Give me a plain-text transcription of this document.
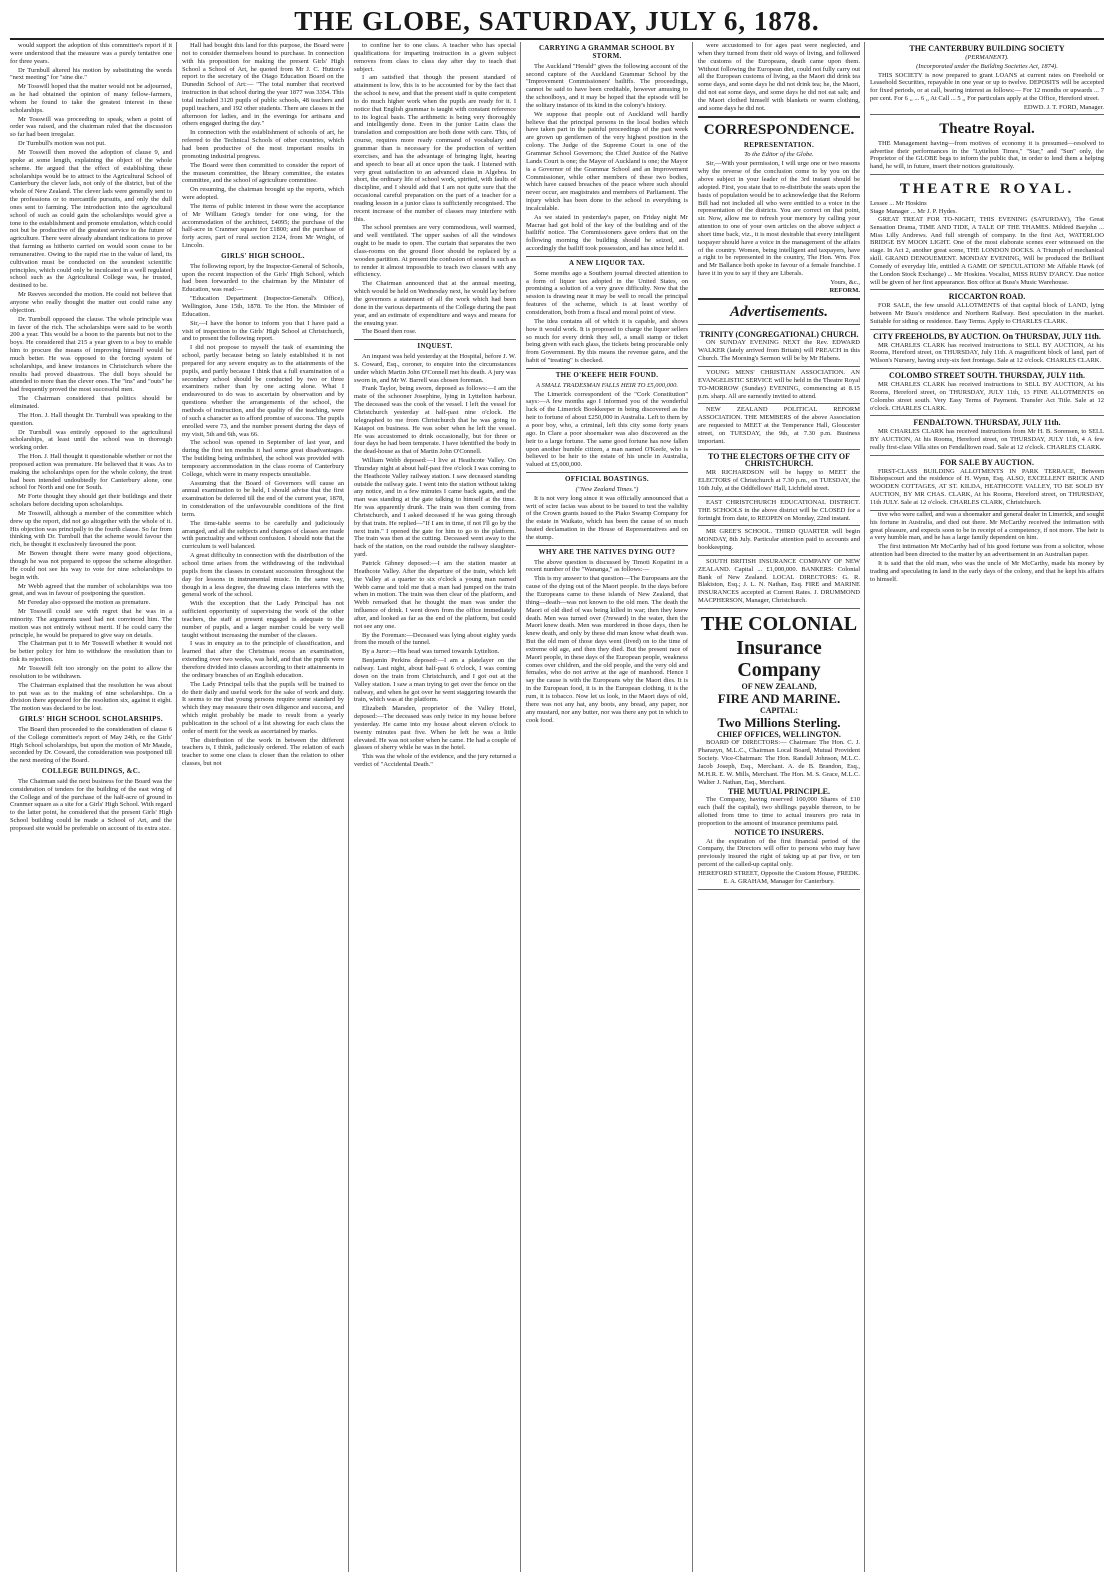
THE GLOBE, SATURDAY, JULY 6, 1878.

would support the adoption of this committee's report if it were understood that the measure was a purely tentative one for three years.

Dr Turnbull altered his motion by substituting the words "next meeting" for "sine die."

Mr Tosswill hoped that the matter would not be adjourned, as he had obtained the opinion of many fellow-farmers, whom he found to take the greatest interest in these scholarships.

Mr Tosswill was proceeding to speak, when a point of order was raised, and the chairman ruled that the discussion so far had been irregular.

Dr Turnbull's motion was not put.

Mr Tosswill then moved the adoption of clause 9, and spoke at some length, explaining the object of the whole scheme. He argued that the effect of establishing these scholarships would be to attract to the Agricultural School of Canterbury the clever lads, not only of the district, but of the whole of New Zealand. The clever lads were generally sent to the professions or to mercantile pursuits, and only the dull ones sent to farming. The introduction into the agricultural school of such as could gain the scholarships would give a tone to the establishment and promote emulation, which could not but be productive of the greatest service to the future of agriculture. There were already abundant indications to prove that farming as hitherto carried on would soon cease to be remunerative. Owing to the rapid rise in the value of land, its cultivation must be conducted on the soundest scientific principles, which could only be inculcated in a well regulated school such as the Agricultural College was, he trusted, destined to be.

Mr Reeves seconded the motion. He could not believe that anyone who really thought the matter out could raise any objection.

Dr. Turnbull opposed the clause. The whole principle was in favor of the rich. The scholarships were said to be worth 200 a year. This would be a boon to the parents but not to the boys. He considered that 215 a year given to a boy to enable him to procure the means of improving himself would be much better. He was opposed to the forcing system of scholarships, and knew instances in Christchurch where the results had proved disastrous. The dull boys should be attended to more than the clever ones. The "ins" and "outs" he had frequently proved the most successful men.

The Chairman considered that politics should be eliminated.

The Hon. J. Hall thought Dr. Turnbull was speaking to the question.

Dr Turnbull was entirely opposed to the agricultural scholarships, at least until the school was in thorough working order.

The Hon. J. Hall thought it questionable whether or not the proposed action was premature. He believed that it was. As to making the scholarships open for the whole colony, the trust had been intended undoubtedly for Canterbury alone, one school for North and one for South.

Mr Forte thought they should get their buildings and their scholars before deciding upon scholarships.

Mr Tosswill, although a member of the committee which drew up the report, did not go altogether with the whole of it. His objection was principally to the fourth clause. So far from thinking with Dr. Turnbull that the scheme would favour the rich, he thought it exclusively favoured the poor.

Mr Bowen thought there were many good objections, though he was not prepared to oppose the scheme altogether. He could not see his way to vote for nine scholarships to begin with.

Mr Webb agreed that the number of scholarships was too great, and was in favour of postponing the question.

Mr Fereday also opposed the motion as premature.

Mr Tosswill could see with regret that he was in a minority. The arguments used had not convinced him. The motion was not entirely without merit. If he could carry the principle, he would be prepared to give way on details.

The Chairman put it to Mr Tosswill whether it would not be better policy for him to withdraw the resolution than to risk its rejection.

Mr Tosswill felt too strongly on the point to allow the resolution to be withdrawn.

The Chairman explained that the resolution he was about to put was as to the making of nine scholarships. On a division there appeared for the resolution six, against it eight. The motion was declared to be lost.

GIRLS' HIGH SCHOOL SCHOLARSHIPS.

The Board then proceeded to the consideration of clause 6 of the College committee's report of May 24th, re the Girls' High School scholarships, but upon the motion of Mr Maude, seconded by Dr. Coward, the consideration was postponed till the next meeting of the Board.

COLLEGE BUILDINGS, &C.

The Chairman said the next business for the Board was the consideration of tenders for the building of the east wing of the College and of the purchase of the half-acre of ground in Cranmer square as a site for a Girls' High School. With regard to the latter point, he considered that the present Girls' High School building could be made a School of Art, and the proposed site would be preferable on account of its extra size.

Hall had bought this land for this purpose, the Board were not to consider themselves bound to purchase. In connection with his proposition for making the present Girls' High School a School of Art, he quoted from Mr J. C. Hutton's report to the secretary of the Otago Education Board on the Dunedin School of Art:— "The total number that received instruction in that school during the year 1877 was 3354. This total included 3120 pupils of public schools, 48 teachers and pupil teachers, and 192 other students. There are classes in the afternoon for ladies, and in the evenings for artisans and others engaged during the day."

In connection with the establishment of schools of art, he referred to the Technical Schools of other countries, which had been productive of the most important results in promoting industrial progress.

The Board were then committed to consider the report of the museum committee, the library committee, the estates committee, and the school of agriculture committee.

On resuming, the chairman brought up the reports, which were adopted.

The items of public interest in these were the acceptance of Mr William Grieg's tender for one wing, for the accommodation of the architect, £4095; the purchase of the half-acre in Cranmer square for £1800; and the purchase of forty acres, part of rural section 2124, from Mr Wright, of Lincoln.

GIRLS' HIGH SCHOOL.

The following report, by the Inspector-General of Schools, upon the recent inspection of the Girls' High School, which had been forwarded to the chairman by the Minister of Education, was read:—

"Education Department (Inspector-General's Office), Wellington, June 15th, 1878. To the Hon. the Minister of Education.

Sir,—I have the honor to inform you that I have paid a visit of inspection to the Girls' High School at Christchurch, and to present the following report.

I did not propose to myself the task of examining the school, partly because being so lately established it is not prepared for any severe enquiry as to the attainments of the pupils, and partly because I think that a full examination of a secondary school should be conducted by two or three examiners rather than by one acting alone. What I endeavoured to do was to ascertain by observation and by questions whether the arrangements of the school, the methods of instruction, and the quality of the teaching, were of such a character as to afford promise of success. The pupils enrolled were 73, and the number present during the days of my visit, 5th and 6th, was 66.

The school was opened in September of last year, and during the first ten months it had some great disadvantages. The building being unfinished, the school was provided with temporary accommodation in the class rooms of Canterbury College, which were in many respects unsuitable.

Assuming that the Board of Governors will cause an annual examination to be held, I should advise that the first examination be deferred till the end of the current year, 1878, in consideration of the unfavourable conditions of the first term.

The time-table seems to be carefully and judiciously arranged, and all the subjects and changes of classes are made with punctuality and without confusion. I should note that the curriculum is well balanced.

A great difficulty in connection with the distribution of the school time arises from the withdrawing of the individual pupils from the classes in constant succession throughout the day for lessons in instrumental music. In the same way, though in a less degree, the drawing class interferes with the general work of the school.

With the exception that the Lady Principal has not sufficient opportunity of supervising the work of the other teachers, the staff at present engaged is adequate to the number of pupils, and a larger number could be very well taught without increasing the number of the classes.

I was in enquiry as to the principle of classification, and learned that after the Christmas recess an examination, extending over two weeks, was held, and that the pupils were therefore divided into classes according to their attainments in the ordinary branches of an English education.

The Lady Principal tells that the pupils will be trained to do their daily and useful work for the sake of work and duty. It seems to me that young persons require some standard by which they may measure their own diligence and success, and which might probably be made to result from a yearly publication in the school of a list showing for each class the order of merit for the week as ascertained by marks.

The distribution of the work in between the different teachers is, I think, judiciously ordered. The relation of each teacher to some one class is closer than the relation to other classes, but not

to confine her to one class. A teacher who has special qualifications for imparting instruction in a given subject removes from class to class day after day to teach that subject.

I am satisfied that though the present standard of attainment is low, this is to be accounted for by the fact that the school is new, and that the present staff is quite competent to do much higher work when the pupils are ready for it. I notice that English grammar is taught with constant reference to its logical basis. The arithmetic is being very thoroughly and intelligently done. Even in the junior Latin class the translation and composition are both done with care. This, of course, requires more ready command of vocabulary and grammar than is necessary for the production of written exercises, and has the advantage of bringing light, hearing and speech to bear all at once upon the task. I listened with very great satisfaction to an advanced class in Algebra. In short, the ordinary life of school work, spirited, with faults of discipline, and I should add that I am not quite sure that the occasional careful preparation on the part of a teacher for a reading lesson in a junior class is sufficiently recognised. The recent increase of the number of classes may interfere with this.

The school premises are very commodious, well warmed, and well ventilated. The upper sashes of all the windows ought to be made to open. The curtain that separates the two class-rooms on the ground floor should be replaced by a wooden partition. At present the confusion of sound is such as to render it almost impossible to teach two classes with any efficiency.

The Chairman announced that at the annual meeting, which would be held on Wednesday next, he would lay before the governors a statement of all the work which had been done in the various departments of the College during the past year, and an estimate of expenditure and ways and means for the ensuing year.

The Board then rose.

INQUEST.

An inquest was held yesterday at the Hospital, before J. W. S. Coward, Esq., coroner, to enquire into the circumstances under which Martin John O'Connell met his death. A jury was sworn in, and Mr W. Barrell was chosen foreman.

Frank Taylor, being sworn, deposed as follows:—I am the mate of the schooner Josephine, lying in Lyttelton harbour. The deceased was the cook of the vessel. I left the vessel for Christchurch yesterday at half-past nine o'clock. He telegraphed to me from Christchurch that he was going to Kaiapoi on business. He was sober when he left the vessel. He was accustomed to drink occasionally, but for three or four days he had been temperate. I have identified the body in the dead-house as that of Martin John O'Connell.

William Webb deposed:—I live at Heathcote Valley. On Thursday night at about half-past five o'clock I was coming to the Heathcote Valley railway station. I saw deceased standing outside the railway gate. I went into the station without taking any notice, and in a few minutes I came back again, and the man was standing at the gate talking to himself at the time. He was apparently drunk. The train was then coming from Christchurch, and I asked deceased if he was going through by that train. He replied—"If I am in time, if not I'll go by the next train." I opened the gate for him to go to the platform. The train was then at the cutting. Deceased went away to the back of the station, on the road outside the railway slaughter-yard.

Patrick Gibney deposed:—I am the station master at Heathcote Valley. After the departure of the train, which left the Valley at a quarter to six o'clock a young man named Webb came and told me that a man had jumped on the train when in motion. The train was then clear of the platform, and Webb remarked that he thought the man was under the influence of drink. I went down from the office immediately after, and looked as far as the end of the platform, but could not see any one.

By the Foreman:—Deceased was lying about eighty yards from the mouth of the tunnel.

By a Juror:—His head was turned towards Lyttelton.

Benjamin Perkins deposed:—I am a platelayer on the railway. Last night, about half-past 6 o'clock, I was coming down on the train from Christchurch, and I got out at the Valley station. I saw a man trying to get over the fence on the railway, and when he got over he went staggering towards the train, which was at the platform.

Elizabeth Marsden, proprietor of the Valley Hotel, deposed:—The deceased was only twice in my house before yesterday. He came into my house about eleven o'clock to twenty minutes past five. When he left he was a little elevated. He was not sober when he came. He had a couple of glasses of sherry while he was in the hotel.

This was the whole of the evidence, and the jury returned a verdict of "Accidental Death."

CARRYING A GRAMMAR SCHOOL BY STORM.

The Auckland "Herald" gives the following account of the second capture of the Auckland Grammar School by the "Improvement Commissioners' bailiffs. The proceedings, cannot be said to have been creditable, however amusing to the schoolboys, and it may be hoped that the episode will be the solitary instance of its kind in the colony's history.

We suppose that people out of Auckland will hardly believe that the principal persons in the local bodies which have taken part in the painful proceedings of the past week are grown up gentlemen of the very highest position in the colony. The Judge of the Supreme Court is one of the Grammar School Governors; the Chief Justice of the Native Lands Court is one; the Mayor of Auckland is one; the Mayor is a Governor of the Grammar School and an Improvement Commissioner, while other members of these two bodies, which have caused breaches of the peace where such should never occur, are magistrates and members of Parliament. The injury which has been done to the school in everything is incalculable.

As we stated in yesterday's paper, on Friday night Mr Macrae had got hold of the key of the building and of the bailiffs' notice. The Commissioners gave orders that on the following morning the building should be seized, and accordingly the bailiff took possession, and has since held it.

A NEW LIQUOR TAX.

Some months ago a Southern journal directed attention to a form of liquor tax adopted in the United States, on promising a solution of a very grave difficulty. Now that the session is drawing near it may be well to recall the principal features of the scheme, which is at least worthy of consideration, both from a fiscal and moral point of view.

The idea contains all of which it is capable, and shows how it would work. It is proposed to charge the liquor sellers so much for every drink they sell, a small stamp or ticket being given with each glass, the tickets being procurable only from Government. By this means the revenue gains, and the habit of "treating" is checked.

THE O'KEEFE HEIR FOUND.
A SMALL TRADESMAN FALLS HEIR TO £5,000,000.

The Limerick correspondent of the "Cork Constitution" says:—A few months ago I informed you of the wonderful luck of the Limerick Bookkeeper in being discovered as the heir to fortune of about £250,000 in Australia. Left to them by a poor boy, who, a criminal, left this city some forty years ago. In Clare a poor shoemaker was also discovered as the heir to a large fortune. The same good fortune has now fallen upon another humble citizen, a man named O'Keefe, who is believed to be heir to the estate of his uncle in Australia, valued at £5,000,000.

OFFICIAL BOASTINGS.
("New Zealand Times.")

It is not very long since it was officially announced that a writ of scire facias was about to be issued to test the validity of the Crown grants issued to the Piako Swamp Company for the estate in Waikato, which has been the cause of so much heated declamation in the House of Representatives and on the stump.

WHY ARE THE NATIVES DYING OUT?

The above question is discussed by Timoti Kopatini in a recent number of the "Wananga," as follows:—

This is my answer to that question—The Europeans are the cause of the dying out of the Maori people. In the days before the Europeans came to these islands of New Zealand, that thing—death—was not known to the old men. The death the Maori of old died of was being killed in war; then they knew death. Men was turned over (?reward) in the water, then the Maori knew death. Men was murdered in those days, then he knew death, and only by these did man know what death was. But the old men of those days went (lived) on to the time of extreme old age, and then they died. But the present race of Maori people, in these days of the European people, weakness comes over children, and the old people, and the very old and females, who do not arrive at the age of manhood. Hence I say the cause is with the Europeans why the Maori dies. It is in the European food, it is in the European clothing, it is the rum, it is tobacco. Now let us look, in the Maori days of old, there was not any hat, any boots, any bread, any paper, nor any mustard, nor any butter, nor was there any pot in which to cook food.

were accustomed to for ages past were neglected, and when they turned from their old ways of living, and followed the customs of the Europeans, death came upon them. Without following the European diet, could not fully carry out all the European customs of living, as the Maori did drink tea some days, and some days he did not drink tea; he, the Maori, did not eat some days, and some days he did not eat salt; and the Maori clothed himself with blankets or warm clothing, and some days he did not.

CORRESPONDENCE.
REPRESENTATION.
To the Editor of the Globe.

Sir,—With your permission, I will urge one or two reasons why the reverse of the conclusion come to by you on the above subject in your leader of the 3rd instant should be adopted. First, you state that to re-distribute the seats upon the basis of population would be to acknowledge that the Reform Bill had not included all who were entitled to a voice in the representation of the districts. You are correct on that point, sir. Now, allow me to refresh your memory by calling your attention to one of your own articles on the above subject a short time back, viz., it is most desirable that every intelligent taxpayer should have a voice in the management of the affairs of the country. Women, being intelligent and taxpayers, have a right to be represented in the country, The Hon. Wm. Fox and Mr Ballance both spoke in favour of a female franchise. I have it in you to say if they are Liberals.

Yours, &c.,
REFORM.
Advertisements.
TRINITY (CONGREGATIONAL) CHURCH.

ON SUNDAY EVENING NEXT the Rev. EDWARD WALKER (lately arrived from Britain) will PREACH in this Church. The Morning's Sermon will be by Mr Habens.

YOUNG MENS' CHRISTIAN ASSOCIATION. AN EVANGELISTIC SERVICE will be held in the Theatre Royal TO-MORROW (Sunday) EVENING, commencing at 8.15 p.m. sharp. All are earnestly invited to attend.

NEW ZEALAND POLITICAL REFORM ASSOCIATION. THE MEMBERS of the above Association are requested to MEET at the Temperance Hall, Gloucester street, on TUESDAY, the 9th, at 7.30 p.m. Business important.

TO THE ELECTORS OF THE CITY OF CHRISTCHURCH.

MR RICHARDSON will be happy to MEET the ELECTORS of Christchurch at 7.30 p.m., on TUESDAY, the 16th July, at the Oddfellows' Hall, Lichfield street.

EAST CHRISTCHURCH EDUCATIONAL DISTRICT. THE SCHOOLS in the above district will be CLOSED for a fortnight from date, to REOPEN on Monday, 22nd instant.

MR GREE'S SCHOOL. THIRD QUARTER will begin MONDAY, 8th July. Particular attention paid to accounts and bookkeeping.

SOUTH BRITISH INSURANCE COMPANY OF NEW ZEALAND. Capital ... £1,000,000. BANKERS: Colonial Bank of New Zealand. LOCAL DIRECTORS: G. R. Blakiston, Esq.; J. L. N. Nathan, Esq. FIRE and MARINE INSURANCES accepted at Current Rates. J. DRUMMOND MACPHERSON, Manager, Christchurch.

THE COLONIAL
Insurance Company
OF NEW ZEALAND,
FIRE AND MARINE.
CAPITAL:
Two Millions Sterling.
CHIEF OFFICES, WELLINGTON.

BOARD OF DIRECTORS:— Chairman: The Hon. C. J. Pharazyn, M.L.C., Chairman Local Board, Mutual Provident Society. Vice-Chairman: The Hon. Randall Johnson, M.L.C. Jacob Joseph, Esq., Merchant. A. de B. Brandon, Esq., M.H.R. E. W. Mills, Merchant. The Hon. M. S. Grace, M.L.C. Walter J. Nathan, Esq., Merchant.

THE MUTUAL PRINCIPLE.

The Company, having reserved 100,000 Shares of £10 each (half the capital), two shillings payable thereon, to be allotted from time to time to actual insurers pro rata in proportion to the amount of insurance premiums paid.

NOTICE TO INSURERS.

At the expiration of the first financial period of the Company, the Directors will offer to persons who may have previously insured the right of taking up at par five, or ten percent of the called-up capital only.

HEREFORD STREET, Opposite the Custom House, FREDK. E. A. GRAHAM, Manager for Canterbury.

THE CANTERBURY BUILDING SOCIETY
(PERMANENT).
(Incorporated under the Building Societies Act, 1874).

THIS SOCIETY is now prepared to grant LOANS at current rates on Freehold or Leasehold Securities, repayable in one year or up to twelve. DEPOSITS will be accepted for fixed periods, or at call, bearing interest as follows:— For 12 months or upwards ... 7 per cent. For 6 ,, ... 6 ,, At Call ... 5 ,, For particulars apply at the Office, Hereford street.

EDWD. J. T. FORD, Manager.
Theatre Royal.

THE Management having—from motives of economy it is presumed—resolved to advertise their performances in the "Lyttelton Times," "Star," and "Sun" only, the Proprietor of the GLOBE begs to inform the public that, in order to lend them a helping hand, he will, in future, insert their notices gratuitously.

THEATRE ROYAL.
Lessee ... Mr Hoskins
Stage Manager ... Mr J. P. Hydes.

GREAT TREAT FOR TO-NIGHT, THIS EVENING (SATURDAY), The Great Sensation Drama, TIME AND TIDE, A TALE OF THE THAMES. Mildred Barjohn ... Miss Lilly Andrews. And full strength of company. In the first Act, WATERLOO BRIDGE BY MOON LIGHT. One of the most elaborate scenes ever witnessed on the stage. In Act 2, another great scene, THE LONDON DOCKS. A Triumph of mechanical skill. GRAND DENOUEMENT. MONDAY EVENING, Will be produced the Brilliant Comedy of everyday life, entitled A GAME OF SPECULATION! Mr Affable Hawk (of the London Stock Exchange) ... Mr Hoskins. Vocalist, MISS RUBY D'ARCY. Due notice will be given of her first appearance. Box office at Buss's Music Warehouse.

RICCARTON ROAD.

FOR SALE, the few unsold ALLOTMENTS of that capital block of LAND, lying between Mr Buss's residence and Northern Railway. Best speculation in the market. Suitable for siding or residence. Easy Terms. Apply to CHARLES CLARK.

CITY FREEHOLDS, BY AUCTION. On THURSDAY, JULY 11th.

MR CHARLES CLARK has received instructions to SELL BY AUCTION, At his Rooms, Hereford street, on THURSDAY, July 11th. A magnificent block of land, part of Wilson's Nursery, having sixty-six feet frontage. Sale at 12 o'clock. CHARLES CLARK.

COLOMBO STREET SOUTH. THURSDAY, JULY 11th.

MR CHARLES CLARK has received instructions to SELL BY AUCTION, At his Rooms, Hereford street, on THURSDAY, JULY 11th, 13 FINE ALLOTMENTS on Colombo street south. Very Easy Terms of Payment. Transfer Act Title. Sale at 12 o'clock. CHARLES CLARK.

FENDALTOWN. THURSDAY, JULY 11th.

MR CHARLES CLARK has received instructions from Mr H. B. Sorensen, to SELL BY AUCTION, At his Rooms, Hereford street, on THURSDAY, JULY 11th, 4 A few really first-class Villa sites on Fendalltown road. Sale at 12 o'clock. CHARLES CLARK.

FOR SALE BY AUCTION.

FIRST-CLASS BUILDING ALLOTMENTS IN PARK TERRACE, Between Bishopscourt and the residence of H. Wynn, Esq. ALSO, EXCELLENT BRICK AND WOODEN COTTAGES, AT ST. KILDA, HEATHCOTE VALLEY, TO BE SOLD BY AUCTION, BY MR CHAS. CLARK, At his Rooms, Hereford street, on THURSDAY, 11th JULY. Sale at 12 o'clock. CHARLES CLARK, Christchurch.

tive who were called, and was a shoemaker and general dealer in Limerick, and sought his fortune in Australia, and died out there. Mr McCarthy received the intimation with great pleasure, and expects soon to be in receipt of a competency, if not more. The heir is a very humble man, and he has a large family dependent on him.

The first intimation Mr McCarthy had of his good fortune was from a solicitor, whose attention had been directed to the matter by an advertisement in an Australian paper.

It is said that the old man, who was the uncle of Mr McCarthy, made his money by trading and speculating in land in the early days of the colony, and that he kept his affairs to himself.
